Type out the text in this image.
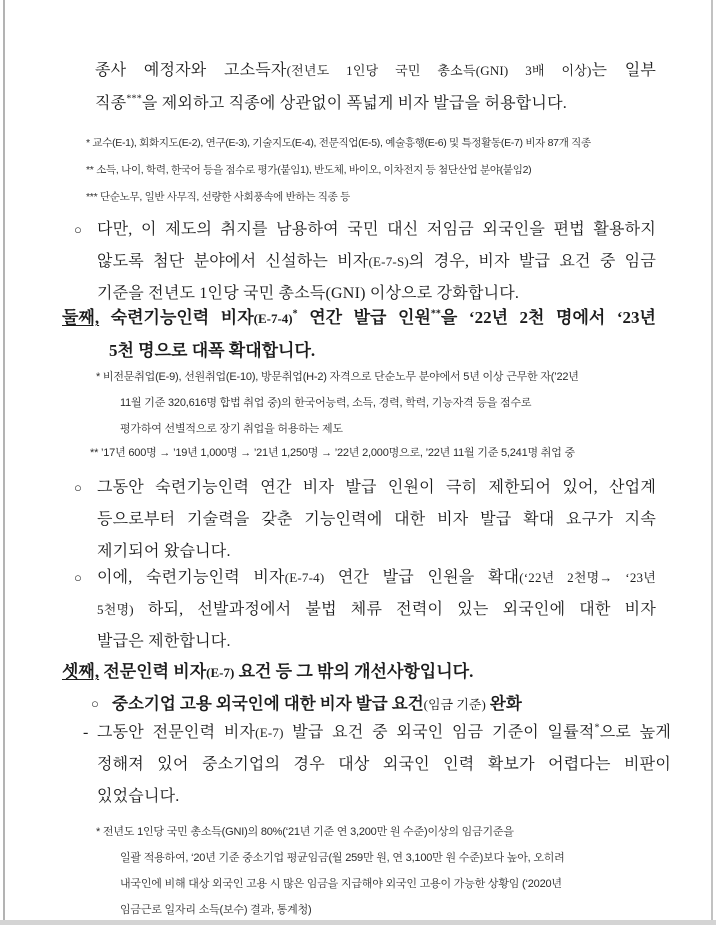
종사 예정자와 고소득자(전년도 1인당 국민 총소득(GNI) 3배 이상)는 일부
직종***을 제외하고 직종에 상관없이 폭넓게 비자 발급을 허용합니다.
* 교수(E-1), 회화지도(E-2), 연구(E-3), 기술지도(E-4), 전문직업(E-5), 예술흥행(E-6) 및 특정활동(E-7) 비자 87개 직종
** 소득, 나이, 학력, 한국어 등을 점수로 평가(붙임1), 반도체, 바이오, 이차전지 등 첨단산업 분야(붙임2)
*** 단순노무, 일반 사무직, 선량한 사회풍속에 반하는 직종 등
○ 다만, 이 제도의 취지를 남용하여 국민 대신 저임금 외국인을 편법 활용하지
않도록 첨단 분야에서 신설하는 비자(E-7-S)의 경우, 비자 발급 요건 중 임금
기준을 전년도 1인당 국민 총소득(GNI) 이상으로 강화합니다.
둘째, 숙련기능인력 비자(E-7-4)* 연간 발급 인원**을 ‘22년 2천 명에서 ‘23년
5천 명으로 대폭 확대합니다.
* 비전문취업(E-9), 선원취업(E-10), 방문취업(H-2) 자격으로 단순노무 분야에서 5년 이상 근무한 자(’22년
11월 기준 320,616명 합법 취업 중)의 한국어능력, 소득, 경력, 학력, 기능자격 등을 점수로
평가하여 선별적으로 장기 취업을 허용하는 제도
** ’17년 600명 → ’19년 1,000명 → ’21년 1,250명 → ’22년 2,000명으로, ’22년 11월 기준 5,241명 취업 중
○ 그동안 숙련기능인력 연간 비자 발급 인원이 극히 제한되어 있어, 산업계
등으로부터 기술력을 갖춘 기능인력에 대한 비자 발급 확대 요구가 지속
제기되어 왔습니다.
○ 이에, 숙련기능인력 비자(E-7-4) 연간 발급 인원을 확대(‘22년 2천명→ ‘23년
5천명) 하되, 선발과정에서 불법 체류 전력이 있는 외국인에 대한 비자
발급은 제한합니다.
셋째, 전문인력 비자(E-7) 요건 등 그 밖의 개선사항입니다.
○ 중소기업 고용 외국인에 대한 비자 발급 요건(임금 기준) 완화
- 그동안 전문인력 비자(E-7) 발급 요건 중 외국인 임금 기준이 일률적*으로 높게
정해져 있어 중소기업의 경우 대상 외국인 인력 확보가 어렵다는 비판이
있었습니다.
* 전년도 1인당 국민 총소득(GNI)의 80%(‘21년 기준 연 3,200만 원 수준)이상의 임금기준을
일괄 적용하여, ‘20년 기준 중소기업 평균임금(월 259만 원, 연 3,100만 원 수준)보다 높아, 오히려
내국인에 비해 대상 외국인 고용 시 많은 임금을 지급해야 외국인 고용이 가능한 상황임 (‘2020년
임금근로 일자리 소득(보수) 결과, 통계청)
